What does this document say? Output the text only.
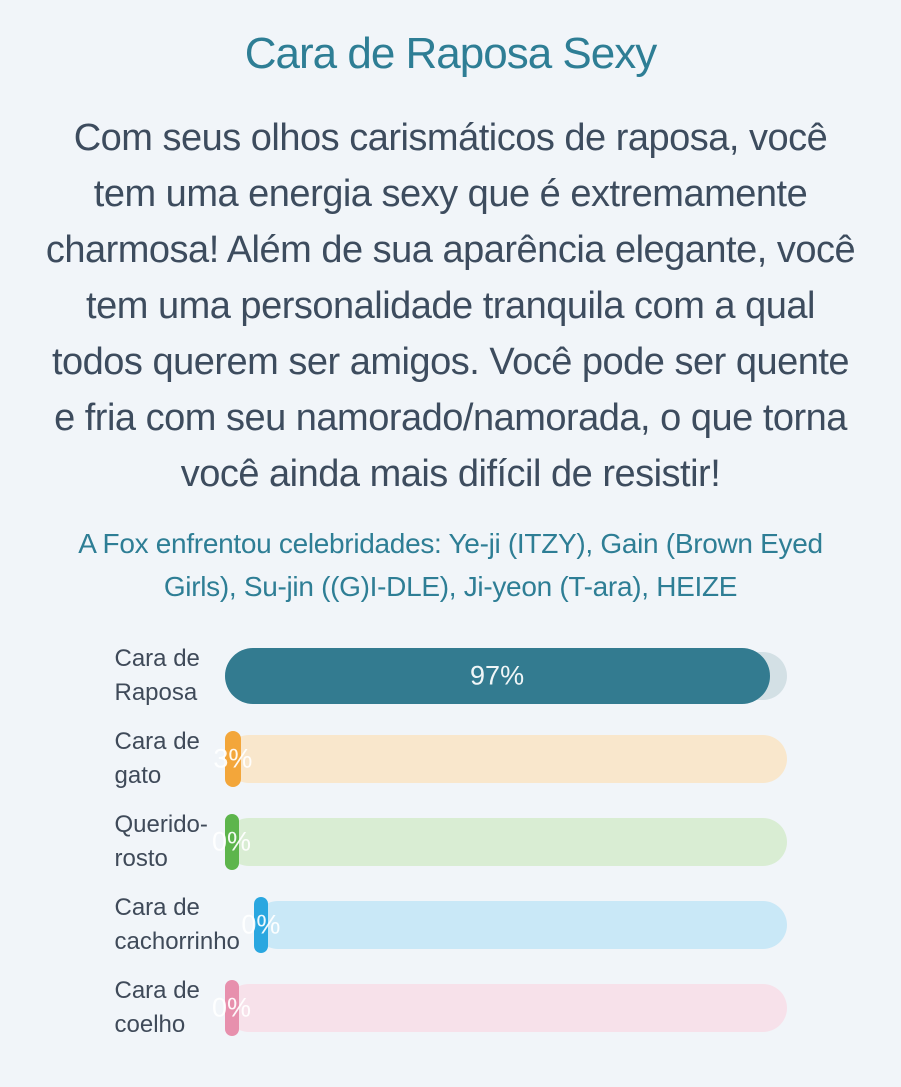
Cara de Raposa Sexy

Com seus olhos carismáticos de raposa, você tem uma energia sexy que é extremamente charmosa! Além de sua aparência elegante, você tem uma personalidade tranquila com a qual todos querem ser amigos. Você pode ser quente e fria com seu namorado/namorada, o que torna você ainda mais difícil de resistir!

A Fox enfrentou celebridades: Ye-ji (ITZY), Gain (Brown Eyed Girls), Su-jin ((G)I-DLE), Ji-yeon (T-ara), HEIZE

Cara de Raposa
97%
Cara de gato
3%
Querido-rosto
0%
Cara de cachorrinho
0%
Cara de coelho
0%
